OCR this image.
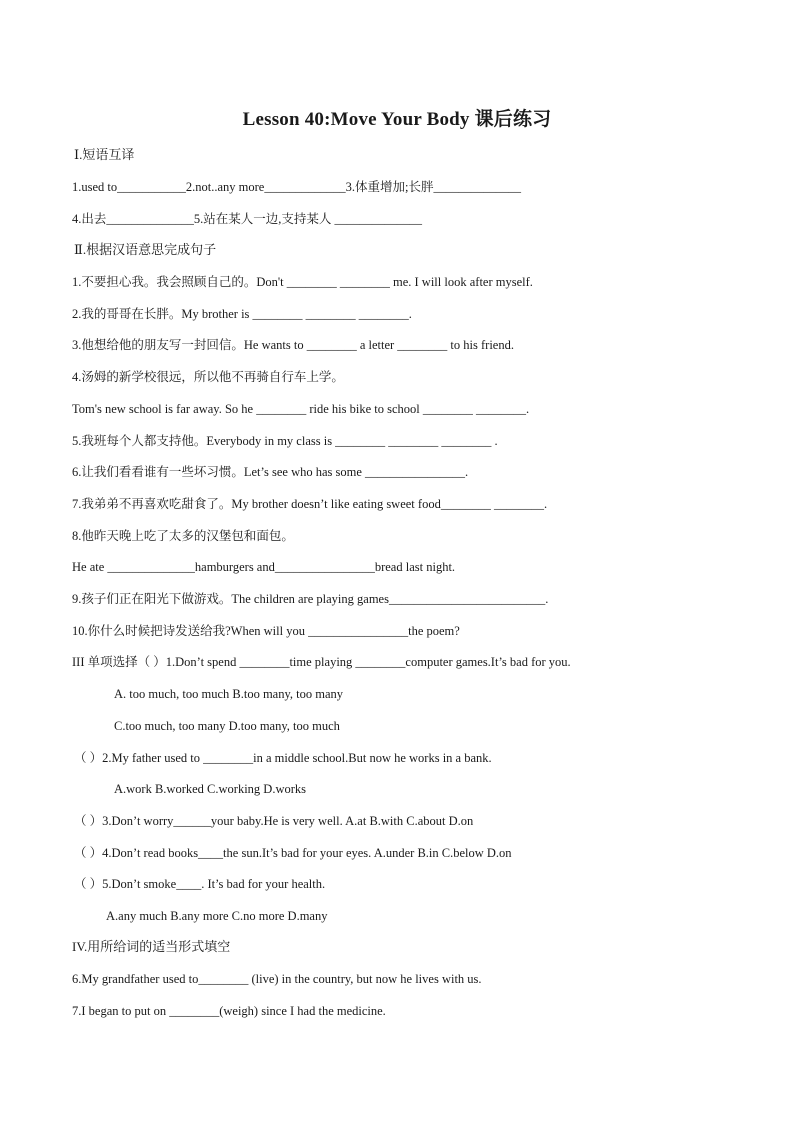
Lesson 40:Move Your Body 课后练习
Ⅰ.短语互译
1.used to___________2.not..any more_____________3.体重增加;长胖______________
4.出去______________5.站在某人一边,支持某人 ______________
Ⅱ.根据汉语意思完成句子
1.不要担心我。我会照顾自己的。Don't ________ ________ me. I will look after myself.
2.我的哥哥在长胖。My brother is ________ ________ ________.
3.他想给他的朋友写一封回信。He wants to ________ a letter ________ to his friend.
4.汤姆的新学校很远，所以他不再骑自行车上学。
Tom's new school is far away. So he ________ ride his bike to school ________ ________.
5.我班每个人都支持他。Everybody in my class is ________ ________ ________ .
6.让我们看看谁有一些坏习惯。Let’s see who has some ________________.
7.我弟弟不再喜欢吃甜食了。My brother doesn’t like eating sweet food________ ________.
8.他昨天晚上吃了太多的汉堡包和面包。
He ate ______________hamburgers and________________bread last night.
9.孩子们正在阳光下做游戏。The children are playing games_________________________.
10.你什么时候把诗发送给我?When will you ________________the poem?
III 单项选择（ ）1.Don’t spend ________time playing ________computer games.It’s bad for you.
A. too much, too much B.too many, too many
C.too much, too many D.too many, too much
（ ）2.My father used to ________in a middle school.But now he works in a bank.
A.work B.worked C.working D.works
（ ）3.Don’t worry______your baby.He is very well. A.at B.with C.about D.on
（ ）4.Don’t read books____the sun.It’s bad for your eyes. A.under B.in C.below D.on
（ ）5.Don’t smoke____. It’s bad for your health.
A.any much B.any more C.no more D.many
IV.用所给词的适当形式填空
6.My grandfather used to________ (live) in the country, but now he lives with us.
7.I began to put on ________(weigh) since I had the medicine.
